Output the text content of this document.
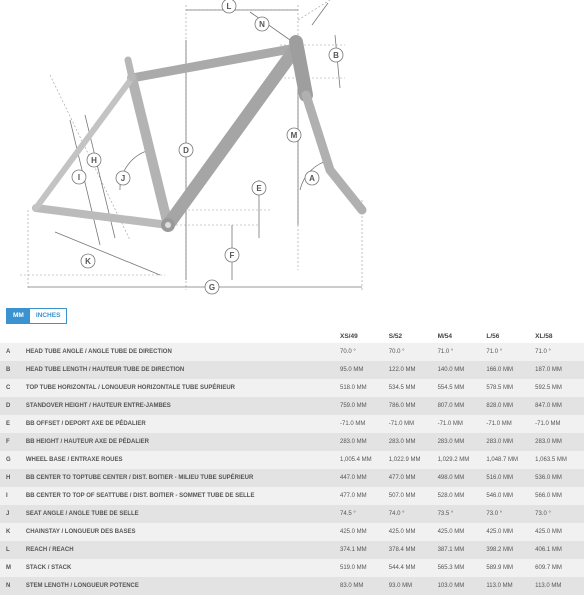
L
N
B
M
D
H
I	J
E
A
F
K
G
MM	INCHES
		XS/49	S/52	M/54	L/56	XL/58
A	HEAD TUBE ANGLE / ANGLE TUBE DE DIRECTION	70.0 °	70.0 °	71.0 °	71.0 °	71.0 °
B	HEAD TUBE LENGTH / HAUTEUR TUBE DE DIRECTION	95.0 MM	122.0 MM	140.0 MM	166.0 MM	187.0 MM
C	TOP TUBE HORIZONTAL / LONGUEUR HORIZONTALE TUBE SUPÉRIEUR	518.0 MM	534.5 MM	554.5 MM	578.5 MM	592.5 MM
D	STANDOVER HEIGHT / HAUTEUR ENTRE-JAMBES	759.0 MM	786.0 MM	807.0 MM	828.0 MM	847.0 MM
E	BB OFFSET / DEPORT AXE DE PÉDALIER	-71.0 MM	-71.0 MM	-71.0 MM	-71.0 MM	-71.0 MM
F	BB HEIGHT / HAUTEUR AXE DE PÉDALIER	283.0 MM	283.0 MM	283.0 MM	283.0 MM	283.0 MM
G	WHEEL BASE / ENTRAXE ROUES	1,005.4 MM	1,022.9 MM	1,029.2 MM	1,048.7 MM	1,063.5 MM
H	BB CENTER TO TOPTUBE CENTER / DIST. BOITIER - MILIEU TUBE SUPÉRIEUR	447.0 MM	477.0 MM	498.0 MM	516.0 MM	536.0 MM
I	BB CENTER TO TOP OF SEATTUBE / DIST. BOITIER - SOMMET TUBE DE SELLE	477.0 MM	507.0 MM	528.0 MM	546.0 MM	566.0 MM
J	SEAT ANGLE / ANGLE TUBE DE SELLE	74.5 °	74.0 °	73.5 °	73.0 °	73.0 °
K	CHAINSTAY / LONGUEUR DES BASES	425.0 MM	425.0 MM	425.0 MM	425.0 MM	425.0 MM
L	REACH / REACH	374.1 MM	378.4 MM	387.1 MM	398.2 MM	406.1 MM
M	STACK / STACK	519.0 MM	544.4 MM	565.3 MM	589.9 MM	609.7 MM
N	STEM LENGTH / LONGUEUR POTENCE	83.0 MM	93.0 MM	103.0 MM	113.0 MM	113.0 MM
